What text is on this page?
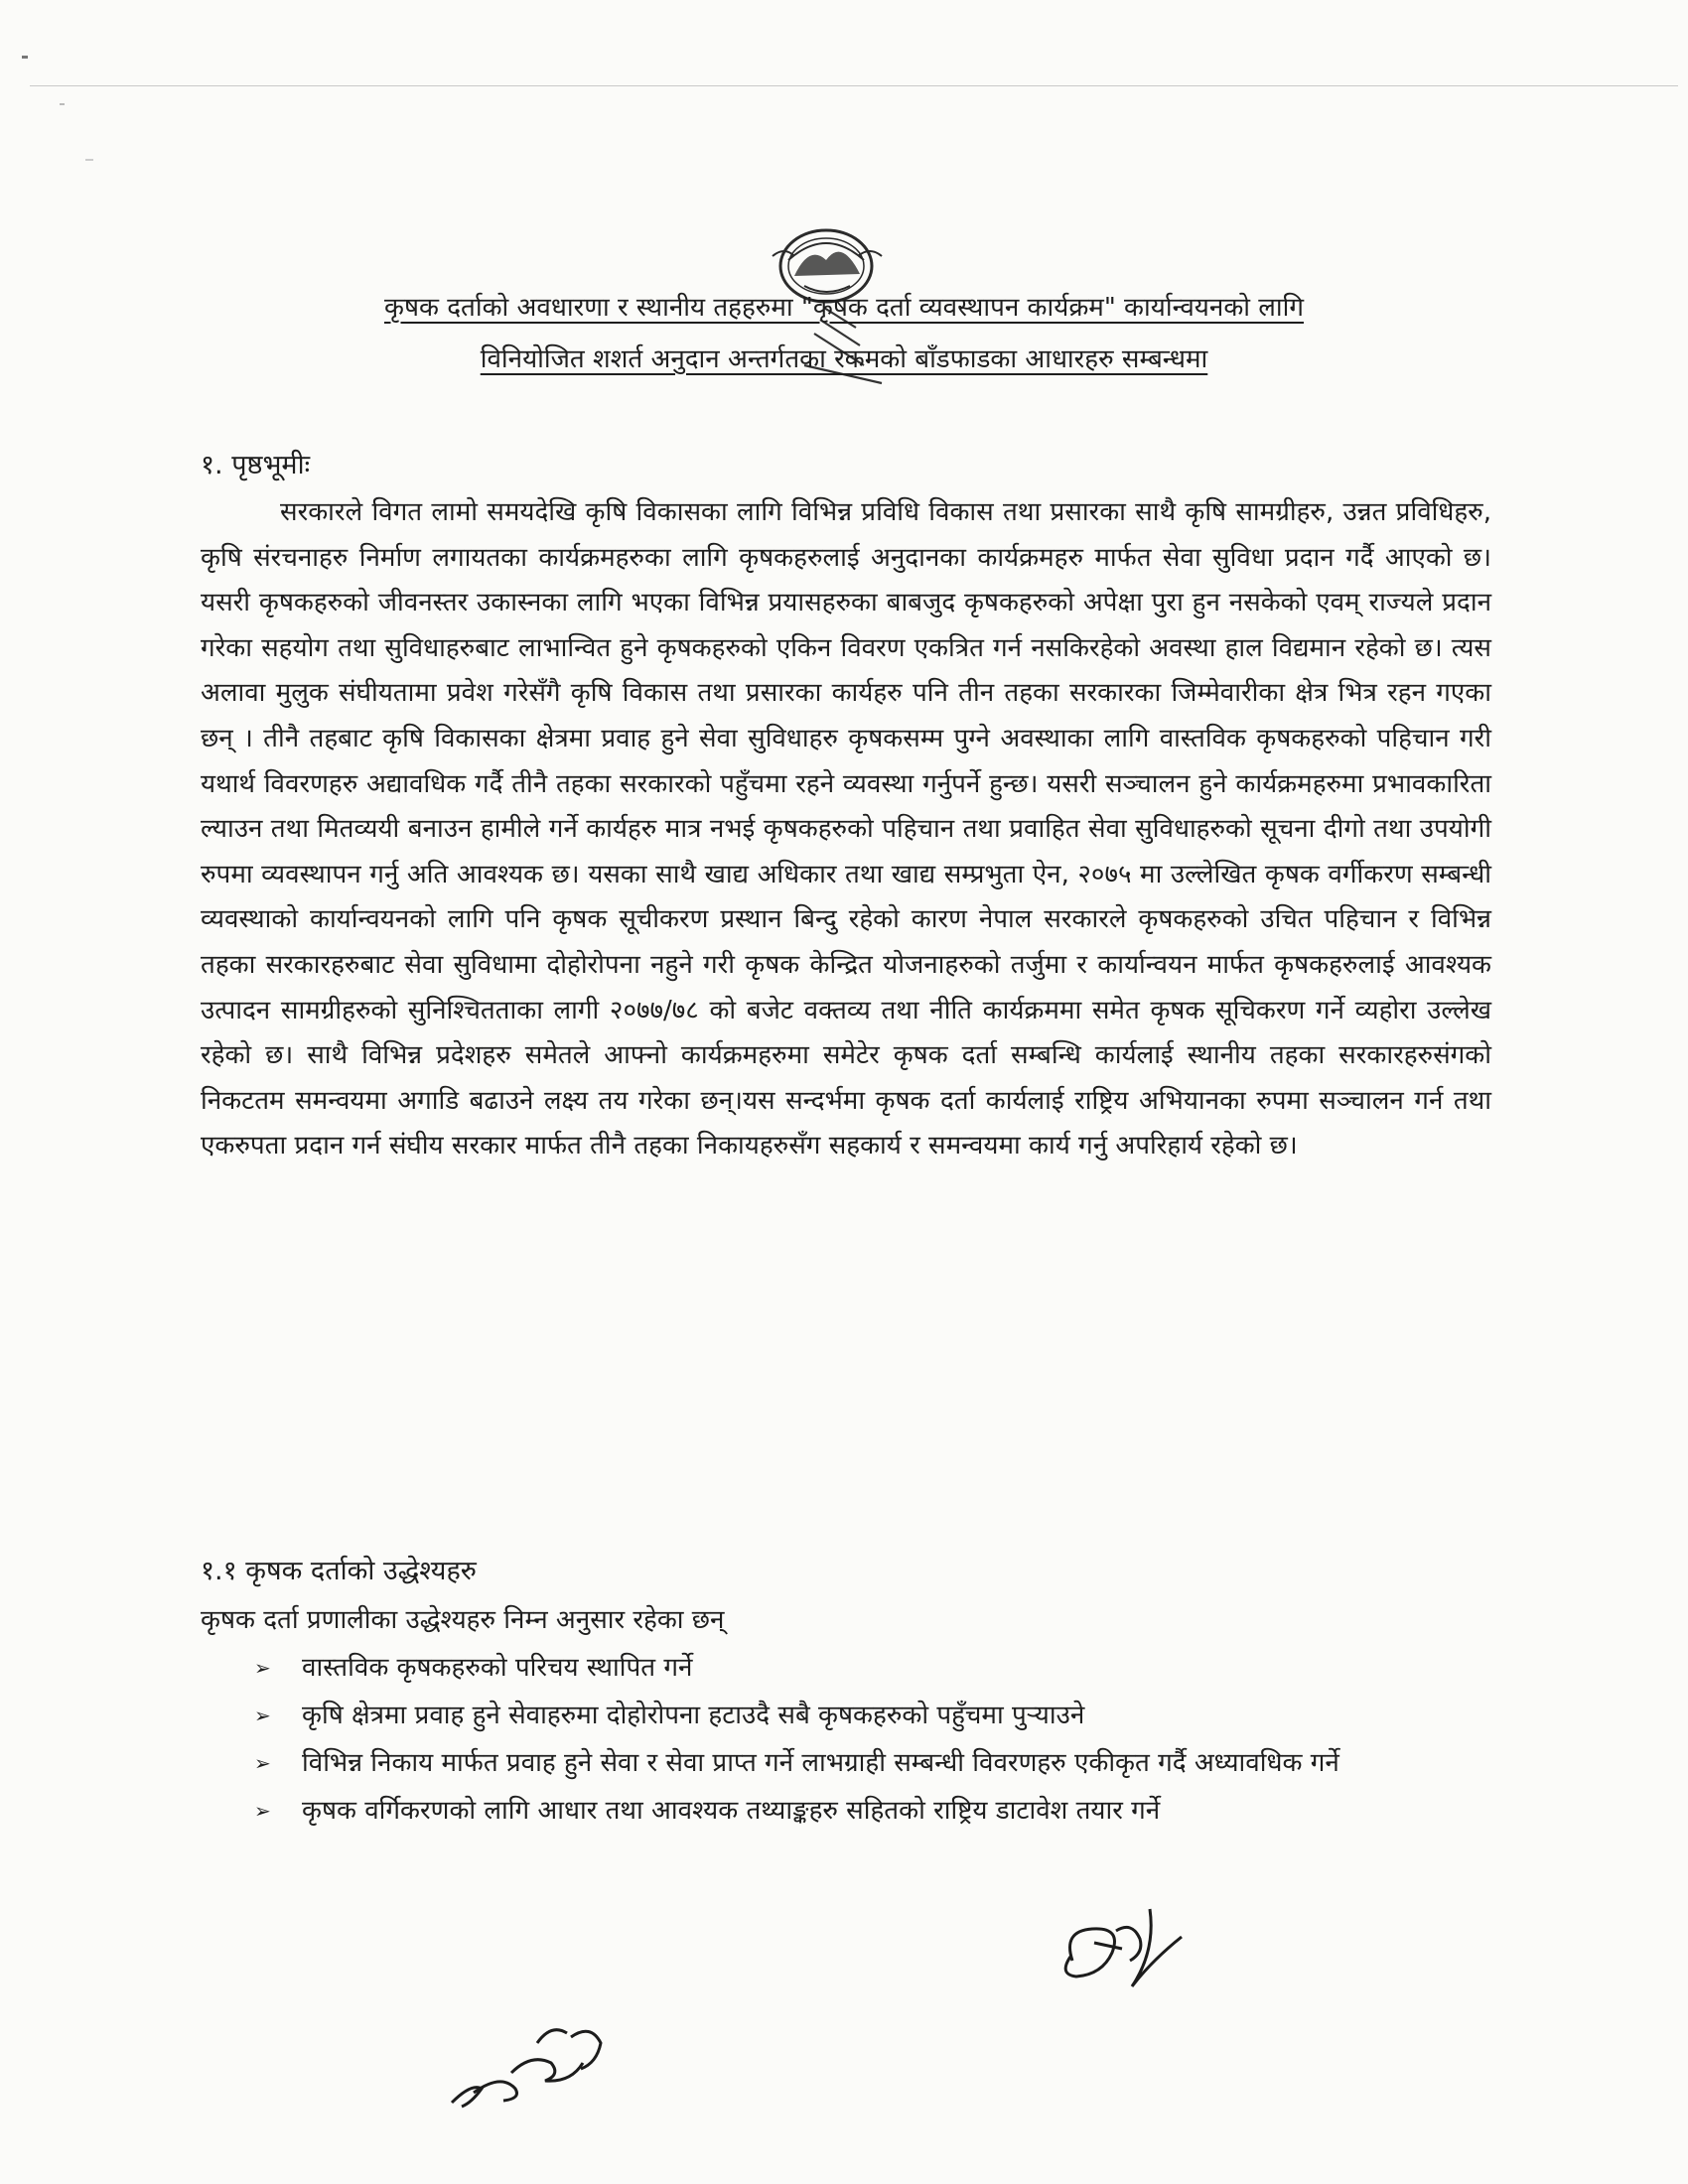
कृषक दर्ताको अवधारणा र स्थानीय तहहरुमा "कृषक दर्ता व्यवस्थापन कार्यक्रम" कार्यान्वयनको लागि
विनियोजित शशर्त अनुदान अन्तर्गतका रकमको बाँडफाडका आधारहरु सम्बन्धमा
१. पृष्ठभूमीः

सरकारले विगत लामो समयदेखि कृषि विकासका लागि विभिन्न प्रविधि विकास तथा प्रसारका साथै कृषि सामग्रीहरु, उन्नत प्रविधिहरु, कृषि संरचनाहरु निर्माण लगायतका कार्यक्रमहरुका लागि कृषकहरुलाई अनुदानका कार्यक्रमहरु मार्फत सेवा सुविधा प्रदान गर्दै आएको छ। यसरी कृषकहरुको जीवनस्तर उकास्नका लागि भएका विभिन्न प्रयासहरुका बाबजुद कृषकहरुको अपेक्षा पुरा हुन नसकेको एवम् राज्यले प्रदान गरेका सहयोग तथा सुविधाहरुबाट लाभान्वित हुने कृषकहरुको एकिन विवरण एकत्रित गर्न नसकिरहेको अवस्था हाल विद्यमान रहेको छ। त्यस अलावा मुलुक संघीयतामा प्रवेश गरेसँगै कृषि विकास तथा प्रसारका कार्यहरु पनि तीन तहका सरकारका जिम्मेवारीका क्षेत्र भित्र रहन गएका छन् । तीनै तहबाट कृषि विकासका क्षेत्रमा प्रवाह हुने सेवा सुविधाहरु कृषकसम्म पुग्ने अवस्थाका लागि वास्तविक कृषकहरुको पहिचान गरी यथार्थ विवरणहरु अद्यावधिक गर्दै तीनै तहका सरकारको पहुँचमा रहने व्यवस्था गर्नुपर्ने हुन्छ। यसरी सञ्चालन हुने कार्यक्रमहरुमा प्रभावकारिता ल्याउन तथा मितव्ययी बनाउन हामीले गर्ने कार्यहरु मात्र नभई कृषकहरुको पहिचान तथा प्रवाहित सेवा सुविधाहरुको सूचना दीगो तथा उपयोगी रुपमा व्यवस्थापन गर्नु अति आवश्यक छ। यसका साथै खाद्य अधिकार तथा खाद्य सम्प्रभुता ऐन, २०७५ मा उल्लेखित कृषक वर्गीकरण सम्बन्धी व्यवस्थाको कार्यान्वयनको लागि पनि कृषक सूचीकरण प्रस्थान बिन्दु रहेको कारण नेपाल सरकारले कृषकहरुको उचित पहिचान र विभिन्न तहका सरकारहरुबाट सेवा सुविधामा दोहोरोपना नहुने गरी कृषक केन्द्रित योजनाहरुको तर्जुमा र कार्यान्वयन मार्फत कृषकहरुलाई आवश्यक उत्पादन सामग्रीहरुको सुनिश्चितताका लागी २०७७/७८ को बजेट वक्तव्य तथा नीति कार्यक्रममा समेत कृषक सूचिकरण गर्ने व्यहोरा उल्लेख रहेको छ। साथै विभिन्न प्रदेशहरु समेतले आफ्नो कार्यक्रमहरुमा समेटेर कृषक दर्ता सम्बन्धि कार्यलाई स्थानीय तहका सरकारहरुसंगको निकटतम समन्वयमा अगाडि बढाउने लक्ष्य तय गरेका छन्।यस सन्दर्भमा कृषक दर्ता कार्यलाई राष्ट्रिय अभियानका रुपमा सञ्चालन गर्न तथा एकरुपता प्रदान गर्न संघीय सरकार मार्फत तीनै तहका निकायहरुसँग सहकार्य र समन्वयमा कार्य गर्नु अपरिहार्य रहेको छ।

१.१ कृषक दर्ताको उद्धेश्यहरु
कृषक दर्ता प्रणालीका उद्धेश्यहरु निम्न अनुसार रहेका छन्
➢ वास्तविक कृषकहरुको परिचय स्थापित गर्ने
➢ कृषि क्षेत्रमा प्रवाह हुने सेवाहरुमा दोहोरोपना हटाउदै सबै कृषकहरुको पहुँचमा पुऱ्याउने
➢ विभिन्न निकाय मार्फत प्रवाह हुने सेवा र सेवा प्राप्त गर्ने लाभग्राही सम्बन्धी विवरणहरु एकीकृत गर्दै अध्यावधिक गर्ने
➢ कृषक वर्गिकरणको लागि आधार तथा आवश्यक तथ्याङ्कहरु सहितको राष्ट्रिय डाटावेश तयार गर्ने
